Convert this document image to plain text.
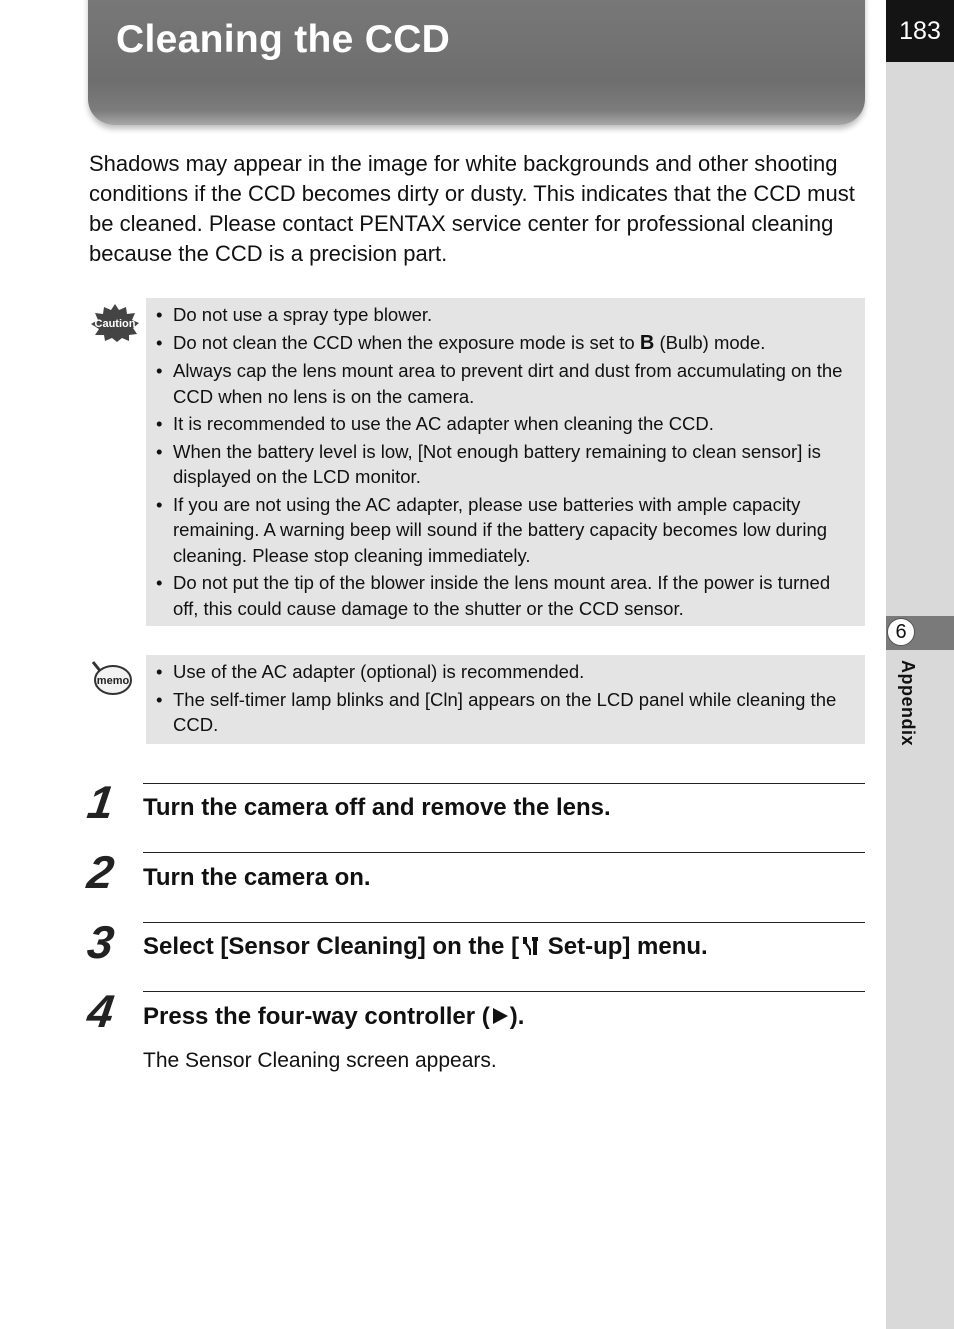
183
6
Appendix
Cleaning the CCD
Shadows may appear in the image for white backgrounds and other shooting conditions if the CCD becomes dirty or dusty. This indicates that the CCD must be cleaned. Please contact PENTAX service center for professional cleaning because the CCD is a precision part.
Caution • Do not use a spray type blower.
• Do not clean the CCD when the exposure mode is set to B (Bulb) mode.
• Always cap the lens mount area to prevent dirt and dust from accumulating on the CCD when no lens is on the camera.
• It is recommended to use the AC adapter when cleaning the CCD.
• When the battery level is low, [Not enough battery remaining to clean sensor] is displayed on the LCD monitor.
• If you are not using the AC adapter, please use batteries with ample capacity remaining. A warning beep will sound if the battery capacity becomes low during cleaning. Please stop cleaning immediately.
• Do not put the tip of the blower inside the lens mount area. If the power is turned off, this could cause damage to the shutter or the CCD sensor.
memo • Use of the AC adapter (optional) is recommended.
• The self-timer lamp blinks and [Cln] appears on the LCD panel while cleaning the CCD.
1 Turn the camera off and remove the lens.
2 Turn the camera on.
3 Select [Sensor Cleaning] on the [ Set-up] menu.
4 Press the four-way controller ( ).
The Sensor Cleaning screen appears.
